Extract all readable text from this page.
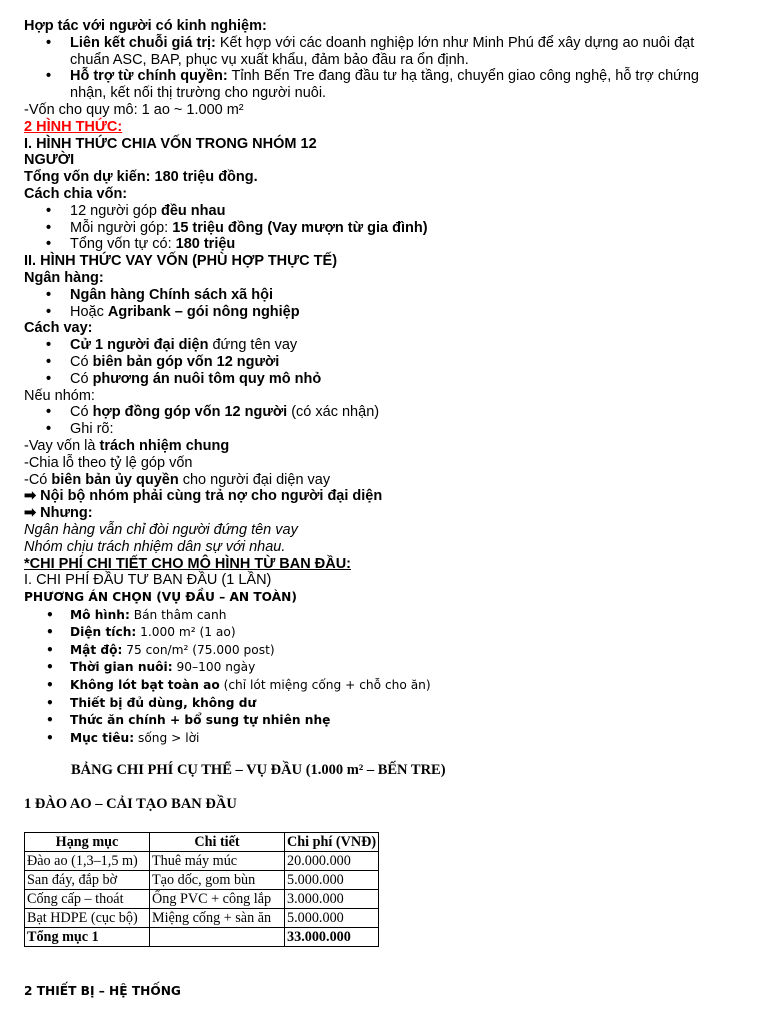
Hợp tác với người có kinh nghiệm:

• Liên kết chuỗi giá trị: Kết hợp với các doanh nghiệp lớn như Minh Phú để xây dựng ao nuôi đạt
chuẩn ASC, BAP, phục vụ xuất khẩu, đảm bảo đầu ra ổn định.
• Hỗ trợ từ chính quyền: Tỉnh Bến Tre đang đầu tư hạ tầng, chuyển giao công nghệ, hỗ trợ chứng
nhận, kết nối thị trường cho người nuôi.

-Vốn cho quy mô: 1 ao ~ 1.000 m²

2 HÌNH THỨC:

I. HÌNH THỨC CHIA VỐN TRONG NHÓM 12

NGƯỜI

Tổng vốn dự kiến: 180 triệu đồng.

Cách chia vốn:

• 12 người góp đều nhau
• Mỗi người góp: 15 triệu đồng (Vay mượn từ gia đình)
• Tổng vốn tự có: 180 triệu

II. HÌNH THỨC VAY VỐN (PHÙ HỢP THỰC TẾ)

Ngân hàng:

• Ngân hàng Chính sách xã hội
• Hoặc Agribank – gói nông nghiệp

Cách vay:

• Cử 1 người đại diện đứng tên vay
• Có biên bản góp vốn 12 người
• Có phương án nuôi tôm quy mô nhỏ

Nếu nhóm:

• Có hợp đồng góp vốn 12 người (có xác nhận)
• Ghi rõ:

-Vay vốn là trách nhiệm chung

-Chia lỗ theo tỷ lệ góp vốn

-Có biên bản ủy quyền cho người đại diện vay

➡ Nội bộ nhóm phải cùng trả nợ cho người đại diện

➡ Nhưng:

Ngân hàng vẫn chỉ đòi người đứng tên vay

Nhóm chịu trách nhiệm dân sự với nhau.

*CHI PHÍ CHI TIẾT CHO MÔ HÌNH TỪ BAN ĐẦU:

I. CHI PHÍ ĐẦU TƯ BAN ĐẦU (1 LẦN)

PHƯƠNG ÁN CHỌN (VỤ ĐẦU – AN TOÀN)

• Mô hình: Bán thâm canh
• Diện tích: 1.000 m² (1 ao)
• Mật độ: 75 con/m² (75.000 post)
• Thời gian nuôi: 90–100 ngày
• Không lót bạt toàn ao (chỉ lót miệng cống + chỗ cho ăn)
• Thiết bị đủ dùng, không dư
• Thức ăn chính + bổ sung tự nhiên nhẹ
• Mục tiêu: sống > lời

BẢNG CHI PHÍ CỤ THỂ – VỤ ĐẦU (1.000 m² – BẾN TRE)

1 ĐÀO AO – CẢI TẠO BAN ĐẦU

Hạng mục	Chi tiết	Chi phí (VNĐ)
Đào ao (1,3–1,5 m)	Thuê máy múc	20.000.000
San đáy, đắp bờ	Tạo dốc, gom bùn	5.000.000
Cống cấp – thoát	Ống PVC + công lắp	3.000.000
Bạt HDPE (cục bộ)	Miệng cống + sàn ăn	5.000.000
Tổng mục 1		33.000.000

2 THIẾT BỊ – HỆ THỐNG
